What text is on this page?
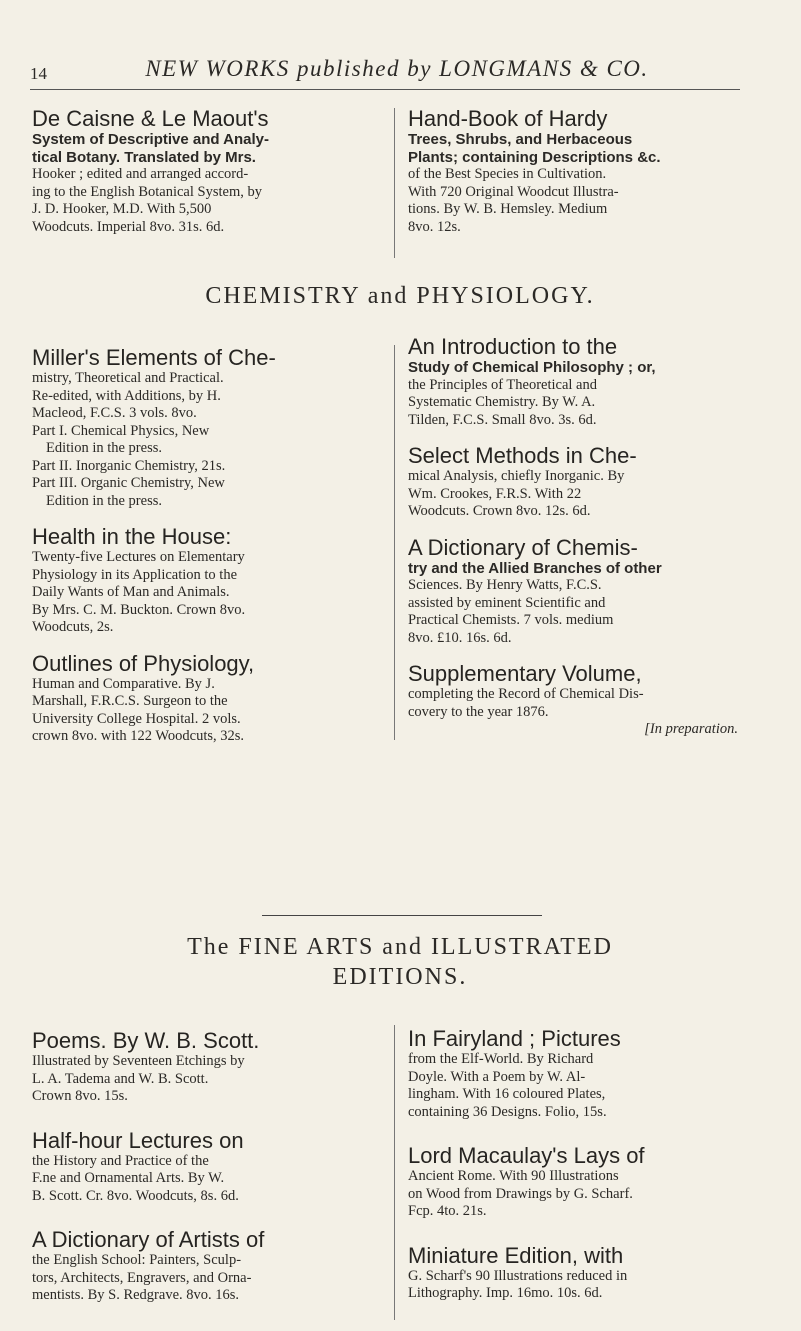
14	NEW WORKS published by LONGMANS & CO.
De Caisne & Le Maout's
System of Descriptive and Analy-
tical Botany. Translated by Mrs.
Hooker ; edited and arranged accord-
ing to the English Botanical System, by
J. D. Hooker, M.D. With 5,500
Woodcuts. Imperial 8vo. 31s. 6d.
Hand-Book of Hardy
Trees, Shrubs, and Herbaceous
Plants; containing Descriptions &c.
of the Best Species in Cultivation.
With 720 Original Woodcut Illustra-
tions. By W. B. Hemsley. Medium
8vo. 12s.
CHEMISTRY and PHYSIOLOGY.
Miller's Elements of Che-
mistry, Theoretical and Practical.
Re-edited, with Additions, by H.
Macleod, F.C.S. 3 vols. 8vo.
Part I. Chemical Physics, New
Edition in the press.
Part II. Inorganic Chemistry, 21s.
Part III. Organic Chemistry, New
Edition in the press.
Health in the House:
Twenty-five Lectures on Elementary
Physiology in its Application to the
Daily Wants of Man and Animals.
By Mrs. C. M. Buckton. Crown 8vo.
Woodcuts, 2s.
Outlines of Physiology,
Human and Comparative. By J.
Marshall, F.R.C.S. Surgeon to the
University College Hospital. 2 vols.
crown 8vo. with 122 Woodcuts, 32s.
An Introduction to the
Study of Chemical Philosophy ; or,
the Principles of Theoretical and
Systematic Chemistry. By W. A.
Tilden, F.C.S. Small 8vo. 3s. 6d.
Select Methods in Che-
mical Analysis, chiefly Inorganic. By
Wm. Crookes, F.R.S. With 22
Woodcuts. Crown 8vo. 12s. 6d.
A Dictionary of Chemis-
try and the Allied Branches of other
Sciences. By Henry Watts, F.C.S.
assisted by eminent Scientific and
Practical Chemists. 7 vols. medium
8vo. £10. 16s. 6d.
Supplementary Volume,
completing the Record of Chemical Dis-
covery to the year 1876.
[In preparation.
The FINE ARTS and ILLUSTRATED
EDITIONS.
Poems. By W. B. Scott.
Illustrated by Seventeen Etchings by
L. A. Tadema and W. B. Scott.
Crown 8vo. 15s.
Half-hour Lectures on
the History and Practice of the
F.ne and Ornamental Arts. By W.
B. Scott. Cr. 8vo. Woodcuts, 8s. 6d.
A Dictionary of Artists of
the English School: Painters, Sculp-
tors, Architects, Engravers, and Orna-
mentists. By S. Redgrave. 8vo. 16s.
In Fairyland ; Pictures
from the Elf-World. By Richard
Doyle. With a Poem by W. Al-
lingham. With 16 coloured Plates,
containing 36 Designs. Folio, 15s.
Lord Macaulay's Lays of
Ancient Rome. With 90 Illustrations
on Wood from Drawings by G. Scharf.
Fcp. 4to. 21s.
Miniature Edition, with
G. Scharf's 90 Illustrations reduced in
Lithography. Imp. 16mo. 10s. 6d.
